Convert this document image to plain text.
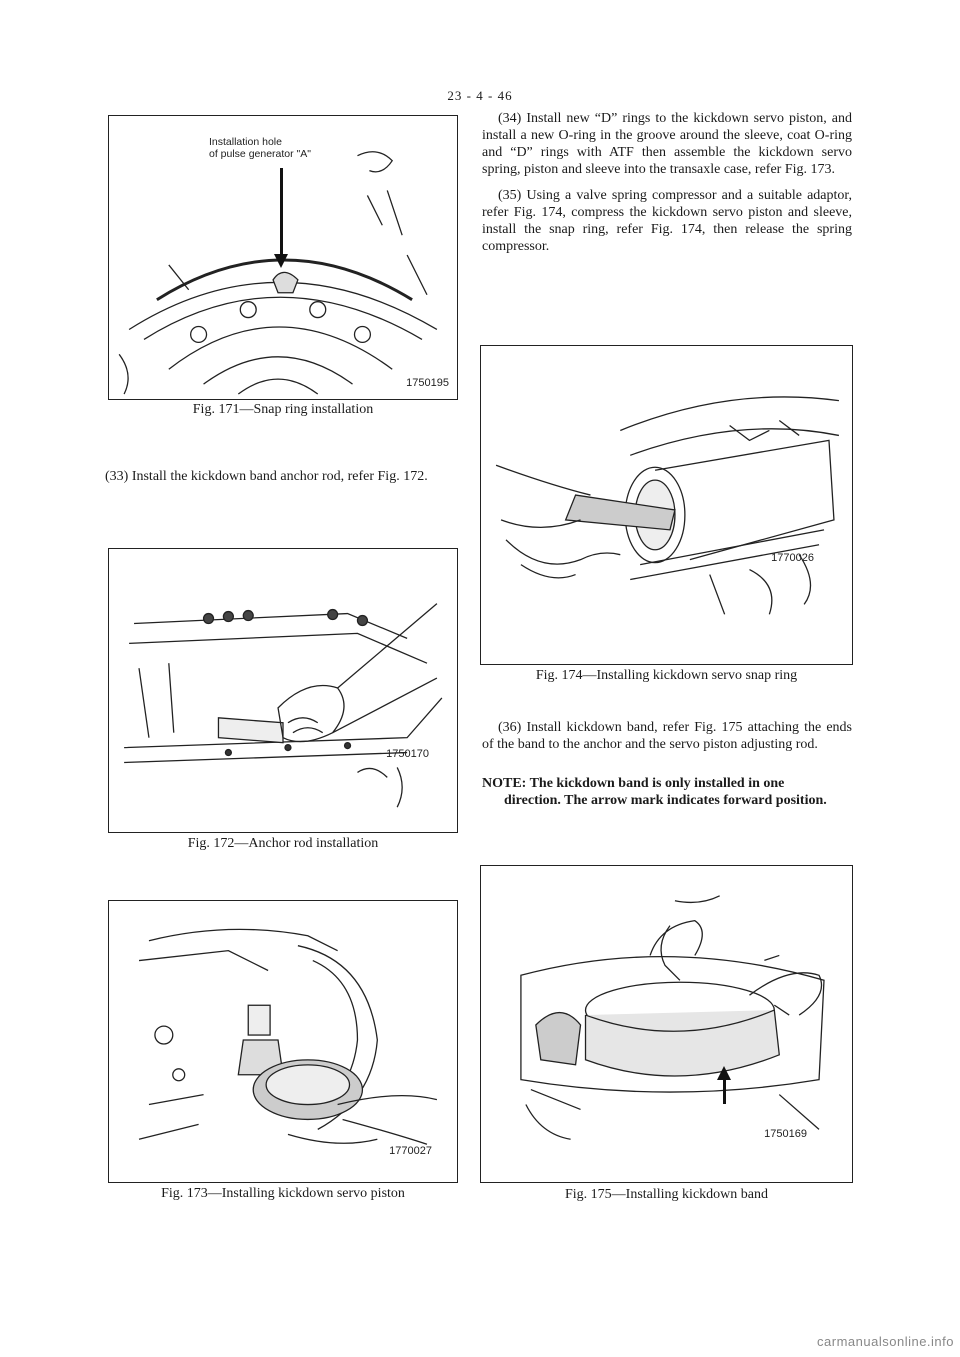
23 - 4 - 46
Installation hole
of pulse generator "A"
1750195
Fig. 171—Snap ring installation
(33) Install the kickdown band anchor rod, refer Fig. 172.
1750170
Fig. 172—Anchor rod installation
1770027
Fig. 173—Installing kickdown servo piston
(34) Install new “D” rings to the kickdown servo piston, and install a new O-ring in the groove around the sleeve, coat O-ring and “D” rings with ATF then assemble the kickdown servo spring, piston and sleeve into the transaxle case, refer Fig. 173.
(35) Using a valve spring compressor and a suitable adaptor, refer Fig. 174, compress the kickdown servo piston and sleeve, install the snap ring, refer Fig. 174, then release the spring compressor.
1770026
Fig. 174—Installing kickdown servo snap ring
(36) Install kickdown band, refer Fig. 175 attaching the ends of the band to the anchor and the servo piston adjusting rod.
NOTE: The kickdown band is only installed in one
direction. The arrow mark indicates forward position.
1750169
Fig. 175—Installing kickdown band
carmanualsonline.info
